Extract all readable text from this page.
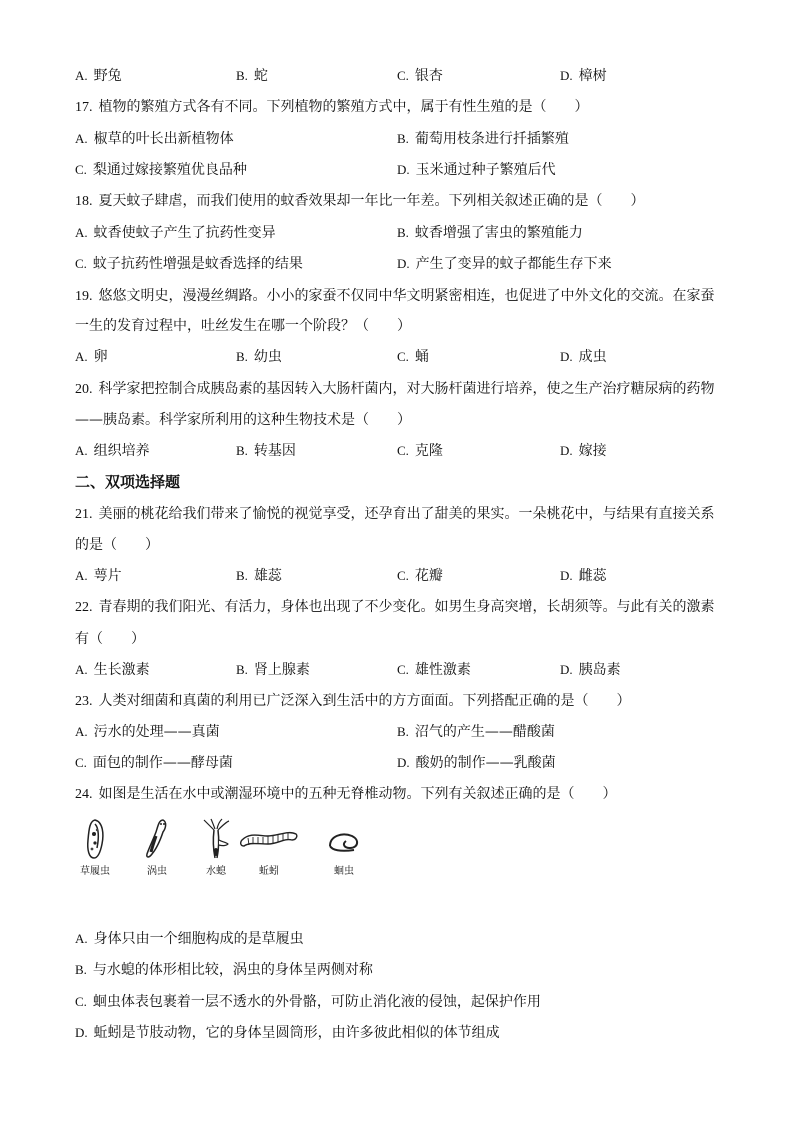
A. 野兔	B. 蛇	C. 银杏	D. 樟树
17. 植物的繁殖方式各有不同。下列植物的繁殖方式中，属于有性生殖的是（　　）
A. 椒草的叶长出新植物体	B. 葡萄用枝条进行扦插繁殖
C. 梨通过嫁接繁殖优良品种	D. 玉米通过种子繁殖后代
18. 夏天蚊子肆虐，而我们使用的蚊香效果却一年比一年差。下列相关叙述正确的是（　　）
A. 蚊香使蚊子产生了抗药性变异	B. 蚊香增强了害虫的繁殖能力
C. 蚊子抗药性增强是蚊香选择的结果	D. 产生了变异的蚊子都能生存下来
19. 悠悠文明史，漫漫丝绸路。小小的家蚕不仅同中华文明紧密相连，也促进了中外文化的交流。在家蚕
一生的发育过程中，吐丝发生在哪一个阶段？（　　）
A. 卵	B. 幼虫	C. 蛹	D. 成虫
20. 科学家把控制合成胰岛素的基因转入大肠杆菌内，对大肠杆菌进行培养，使之生产治疗糖尿病的药物
——胰岛素。科学家所利用的这种生物技术是（　　）
A. 组织培养	B. 转基因	C. 克隆	D. 嫁接
二、双项选择题
21. 美丽的桃花给我们带来了愉悦的视觉享受，还孕育出了甜美的果实。一朵桃花中，与结果有直接关系
的是（　　）
A. 萼片	B. 雄蕊	C. 花瓣	D. 雌蕊
22. 青春期的我们阳光、有活力，身体也出现了不少变化。如男生身高突增，长胡须等。与此有关的激素
有（　　）
A. 生长激素	B. 肾上腺素	C. 雄性激素	D. 胰岛素
23. 人类对细菌和真菌的利用已广泛深入到生活中的方方面面。下列搭配正确的是（　　）
A. 污水的处理——真菌	B. 沼气的产生——醋酸菌
C. 面包的制作——酵母菌	D. 酸奶的制作——乳酸菌
24. 如图是生活在水中或潮湿环境中的五种无脊椎动物。下列有关叙述正确的是（　　）
草履虫	涡虫	水螅	蚯蚓	蛔虫
A. 身体只由一个细胞构成的是草履虫
B. 与水螅的体形相比较，涡虫的身体呈两侧对称
C. 蛔虫体表包裹着一层不透水的外骨骼，可防止消化液的侵蚀，起保护作用
D. 蚯蚓是节肢动物，它的身体呈圆筒形，由许多彼此相似的体节组成
